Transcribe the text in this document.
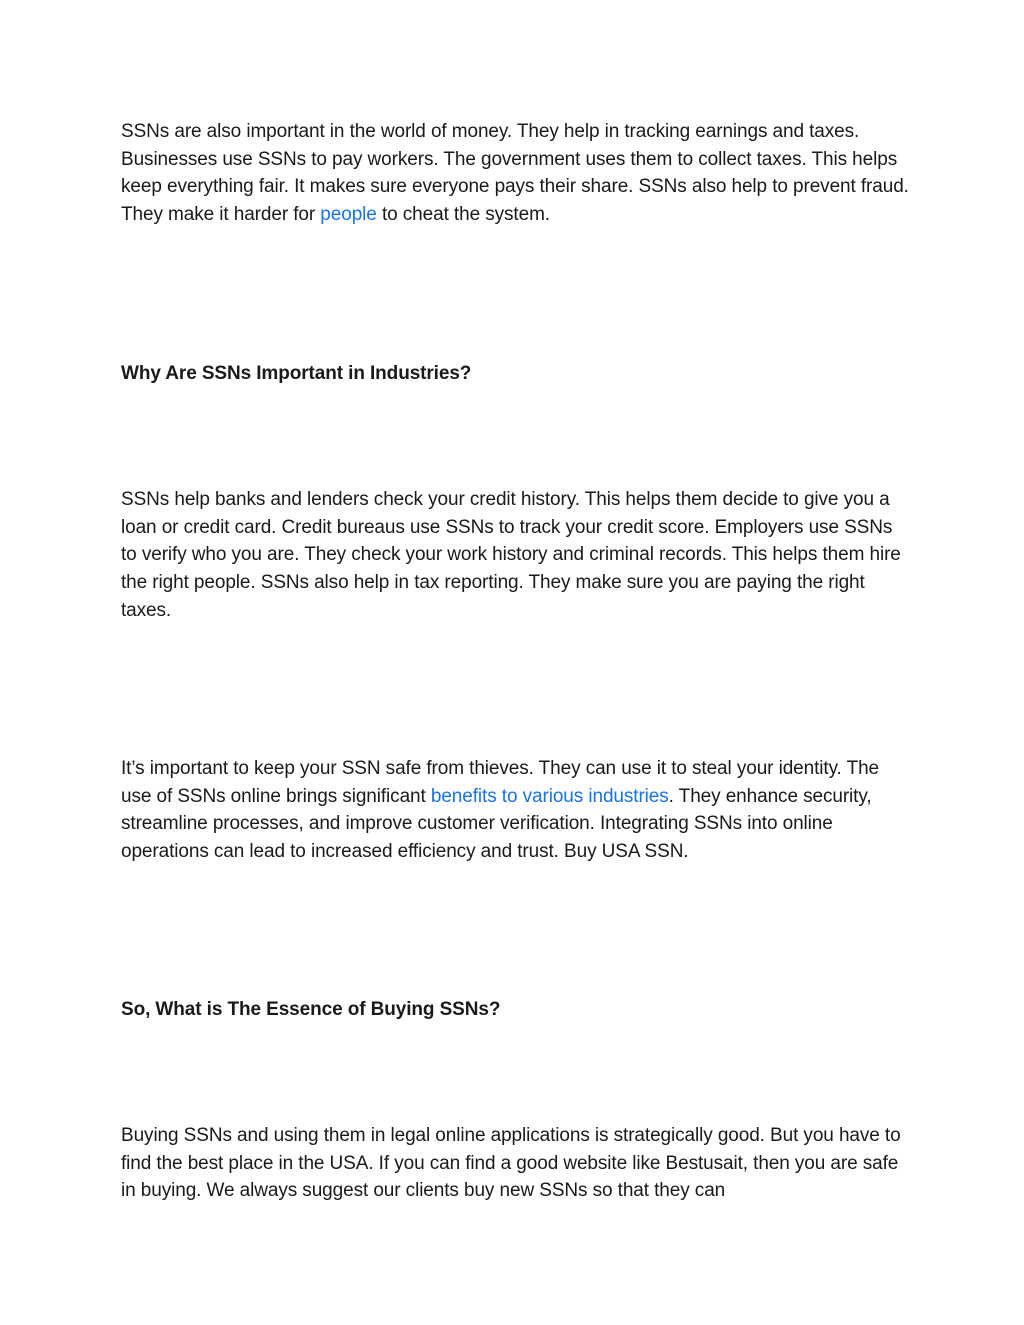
SSNs are also important in the world of money. They help in tracking earnings and taxes. Businesses use SSNs to pay workers. The government uses them to collect taxes. This helps keep everything fair. It makes sure everyone pays their share. SSNs also help to prevent fraud. They make it harder for people to cheat the system.

Why Are SSNs Important in Industries?

SSNs help banks and lenders check your credit history. This helps them decide to give you a loan or credit card. Credit bureaus use SSNs to track your credit score. Employers use SSNs to verify who you are. They check your work history and criminal records. This helps them hire the right people. SSNs also help in tax reporting. They make sure you are paying the right taxes.

It’s important to keep your SSN safe from thieves. They can use it to steal your identity. The use of SSNs online brings significant benefits to various industries. They enhance security, streamline processes, and improve customer verification. Integrating SSNs into online operations can lead to increased efficiency and trust. Buy USA SSN.

So, What is The Essence of Buying SSNs?

Buying SSNs and using them in legal online applications is strategically good. But you have to find the best place in the USA. If you can find a good website like Bestusait, then you are safe in buying. We always suggest our clients buy new SSNs so that they can
